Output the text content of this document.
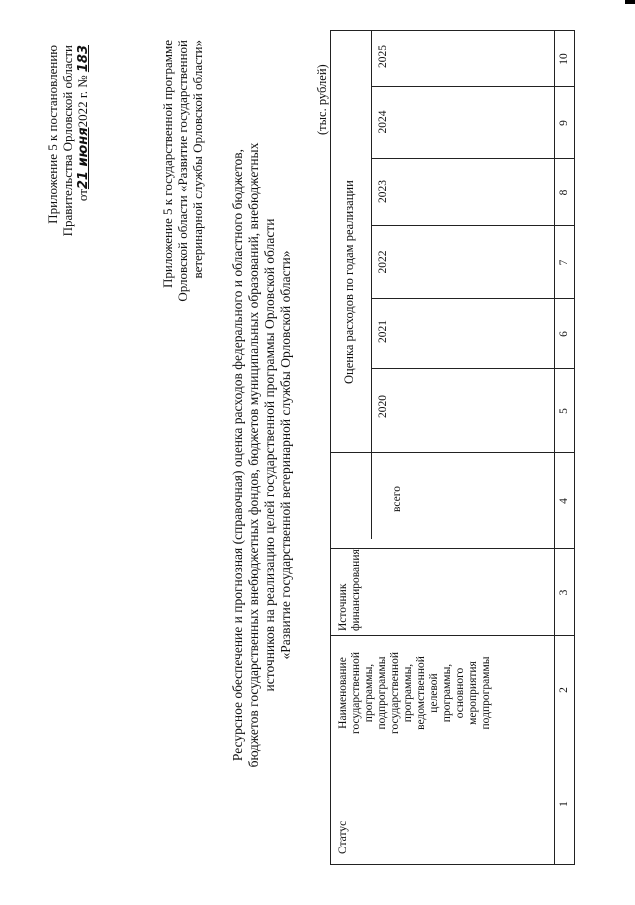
Приложение 5 к постановлению Правительства Орловской области от21 июня2022 г. № 183	Приложение 5 к государственной программе Орловской области «Развитие государственной ветеринарной службы Орловской области» Ресурсное обеспечение и прогнозная (справочная) оценка расходов федерального и областного бюджетов, бюджетов государственных внебюджетных фондов, бюджетов муниципальных образований, внебюджетных источников на реализацию целей государственной программы Орловской области «Развитие государственной ветеринарной службы Орловской области»
(тыс. рублей)
Статус
Наименование государственной программы, подпрограммы государственной программы, ведомственной целевой программы, основного мероприятия подпрограммы
Источник финансирования
Оценка расходов по годам реализации
всего
2020
2021
2022
2023
2024
2025
1
2
3
4
5
6
7
8
9
10
